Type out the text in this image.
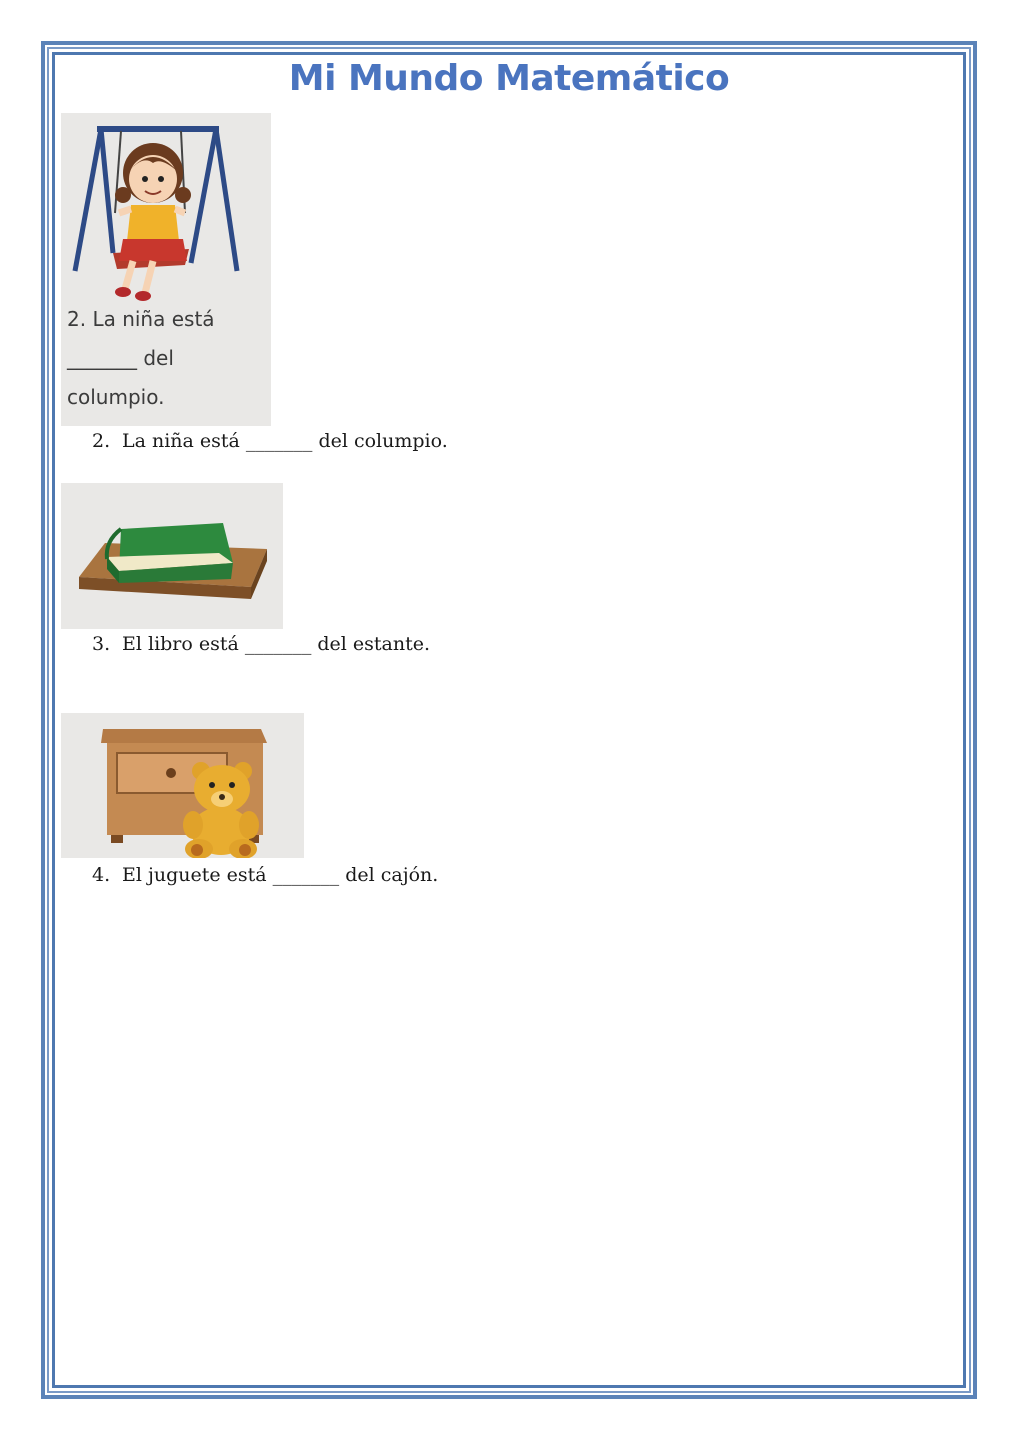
Mi Mundo Matemático
2. La niña está
_______ del
columpio.
2. La niña está _______ del columpio.
3. El libro está _______ del estante.
4. El juguete está _______ del cajón.
